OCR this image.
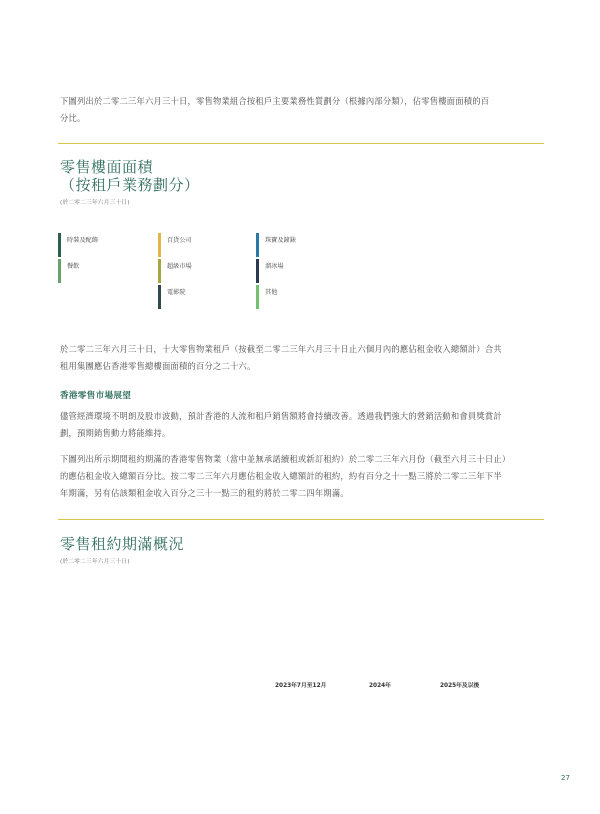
下圖列出於二零二三年六月三十日，零售物業組合按租戶主要業務性質劃分（根據內部分類），佔零售樓面面積的百
分比。
零售樓面面積
（按租戶業務劃分）
(於二零二三年六月三十日)
時裝及配飾	百貨公司	珠寶及鐘錶
餐飲	超級市場	溜冰場
電影院	其他
於二零二三年六月三十日，十大零售物業租戶（按截至二零二三年六月三十日止六個月內的應佔租金收入總額計）合共
租用集團應佔香港零售總樓面面積的百分之二十六。
香港零售市場展望
儘管經濟環境不明朗及股市波動，預計香港的人流和租戶銷售額將會持續改善。透過我們強大的營銷活動和會員獎賞計
劃，預期銷售動力將能維持。
下圖列出所示期間租約期滿的香港零售物業（當中並無承諾續租或新訂租約）於二零二三年六月份（截至六月三十日止）
的應佔租金收入總額百分比。按二零二三年六月應佔租金收入總額計的租約，約有百分之十一點三將於二零二三年下半
年期滿，另有佔該類租金收入百分之三十一點三的租約將於二零二四年期滿。
零售租約期滿概況
(於二零二三年六月三十日)
2023年7月至12月	2024年	2025年及以後
27
